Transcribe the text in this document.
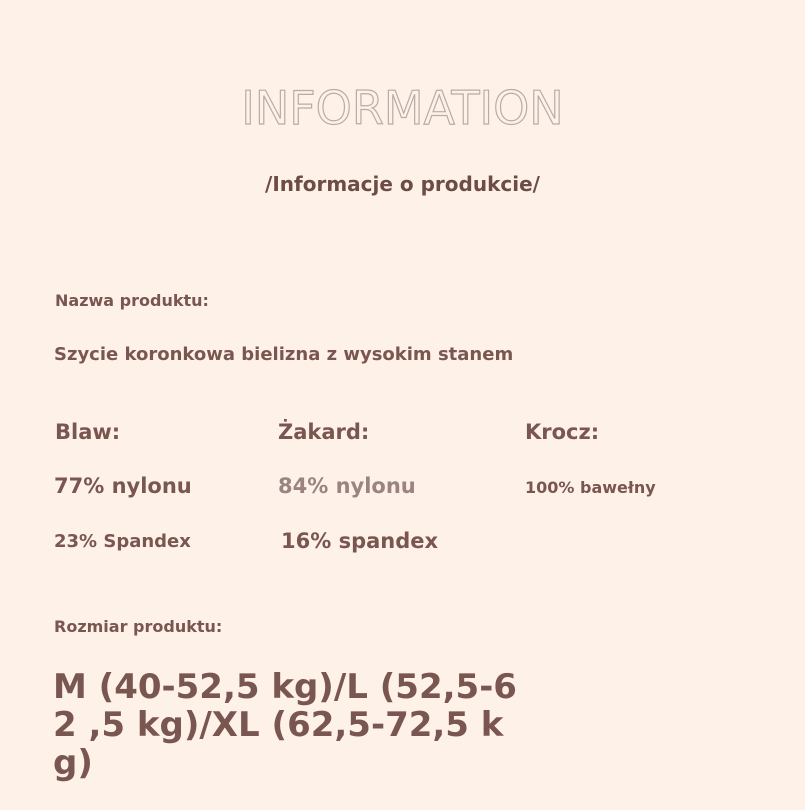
INFORMATION
/Informacje o produkcie/
Nazwa produktu:
Szycie koronkowa bielizna z wysokim stanem
Blaw:
77% nylonu
23% Spandex
Żakard:
84% nylonu
16% spandex
Krocz:
100% bawełny
Rozmiar produktu:
M (40-52,5 kg)/L (52,5-62 ,5 kg)/XL (62,5-72,5 kg)
